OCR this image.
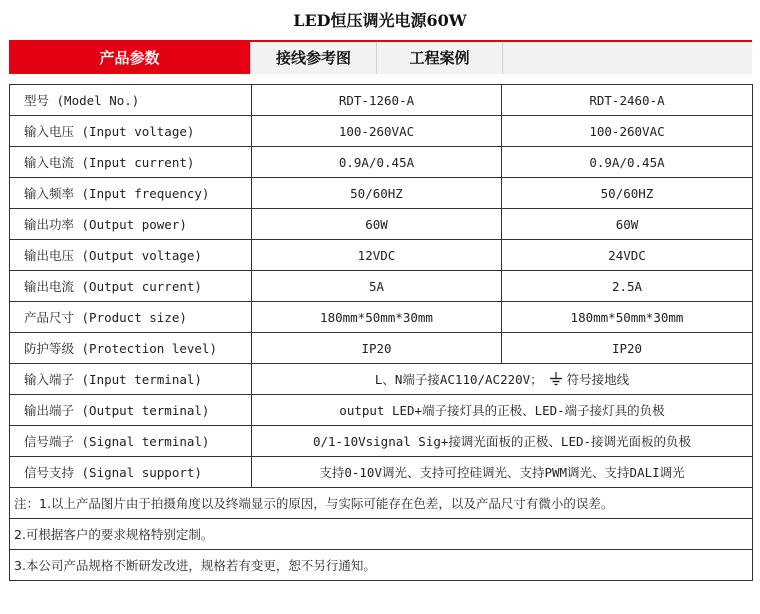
LED恒压调光电源60W
产品参数	接线参考图	工程案例
型号 (Model No.)	RDT-1260-A	RDT-2460-A
输入电压 (Input voltage)	100-260VAC	100-260VAC
输入电流 (Input current)	0.9A/0.45A	0.9A/0.45A
输入频率 (Input frequency)	50/60HZ	50/60HZ
输出功率 (Output power)	60W	60W
输出电压 (Output voltage)	12VDC	24VDC
输出电流 (Output current)	5A	2.5A
产品尺寸 (Product size)	180mm*50mm*30mm	180mm*50mm*30mm
防护等级 (Protection level)	IP20	IP20
输入端子 (Input terminal)	L、N端子接AC110/AC220V； 符号接地线	
输出端子 (Output terminal)	output LED+端子接灯具的正极、LED-端子接灯具的负极	
信号端子 (Signal terminal)	0/1-10Vsignal Sig+接调光面板的正极、LED-接调光面板的负极	
信号支持 (Signal support)	支持0-10V调光、支持可控硅调光、支持PWM调光、支持DALI调光	
注：1.以上产品图片由于拍摄角度以及终端显示的原因，与实际可能存在色差，以及产品尺寸有微小的误差。		
2.可根据客户的要求规格特别定制。		
3.本公司产品规格不断研发改进，规格若有变更，恕不另行通知。		
